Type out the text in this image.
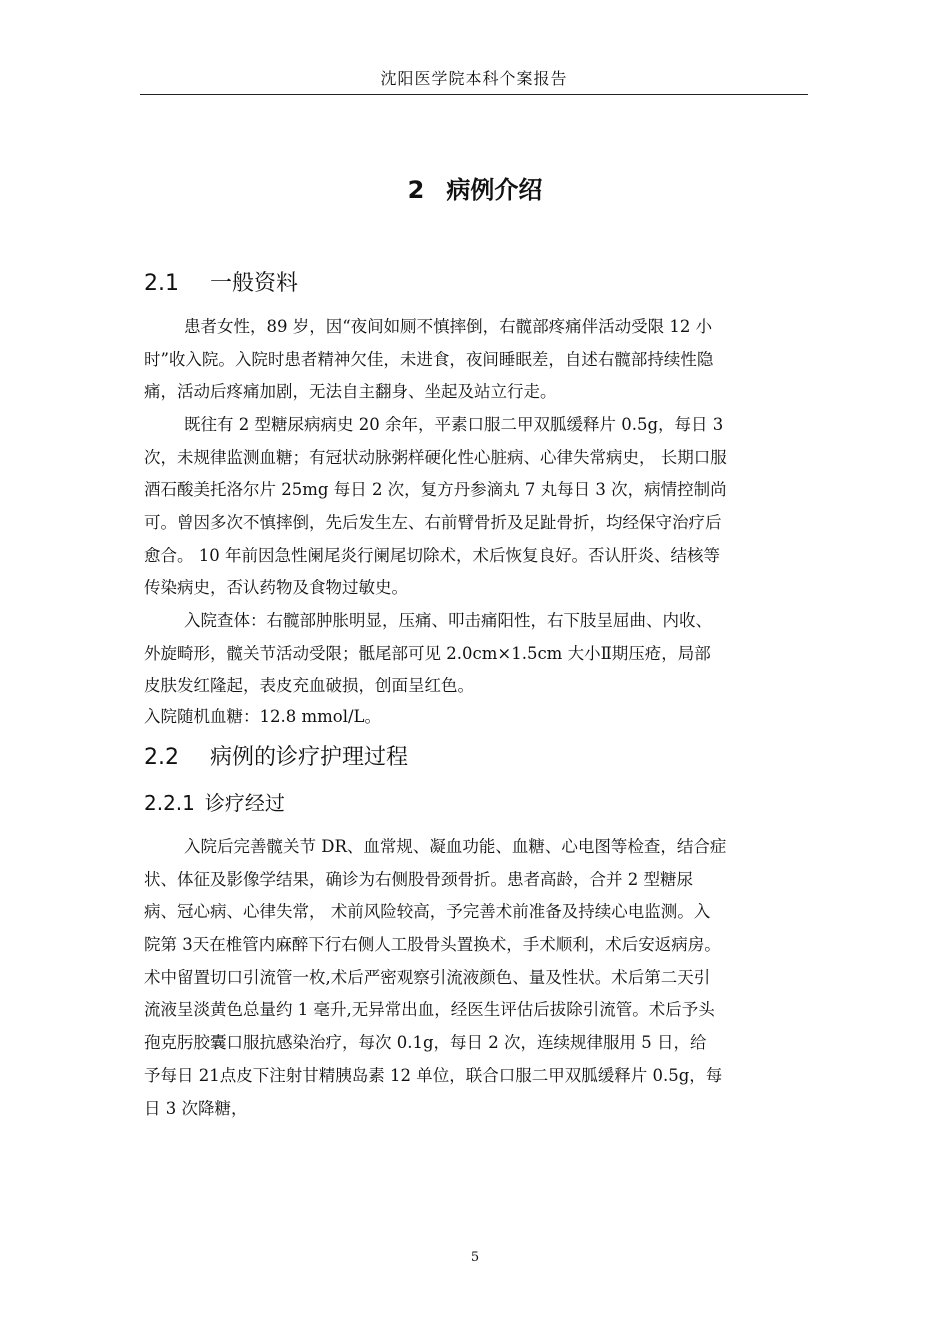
沈阳医学院本科个案报告
2 病例介绍
2.1 一般资料
患者女性，89 岁，因“夜间如厕不慎摔倒，右髋部疼痛伴活动受限 12 小
时”收入院。入院时患者精神欠佳，未进食，夜间睡眠差，自述右髋部持续性隐
痛，活动后疼痛加剧，无法自主翻身、坐起及站立行走。
既往有 2 型糖尿病病史 20 余年，平素口服二甲双胍缓释片 0.5g，每日 3
次，未规律监测血糖；有冠状动脉粥样硬化性心脏病、心律失常病史， 长期口服
酒石酸美托洛尔片 25mg 每日 2 次，复方丹参滴丸 7 丸每日 3 次，病情控制尚
可。曾因多次不慎摔倒，先后发生左、右前臂骨折及足趾骨折，均经保守治疗后
愈合。 10 年前因急性阑尾炎行阑尾切除术，术后恢复良好。否认肝炎、结核等
传染病史，否认药物及食物过敏史。
入院查体：右髋部肿胀明显，压痛、叩击痛阳性，右下肢呈屈曲、内收、
外旋畸形，髋关节活动受限；骶尾部可见 2.0cm×1.5cm 大小Ⅱ期压疮，局部
皮肤发红隆起，表皮充血破损，创面呈红色。
入院随机血糖：12.8 mmol/L。
2.2 病例的诊疗护理过程
2.2.1 诊疗经过
入院后完善髋关节 DR、血常规、凝血功能、血糖、心电图等检查，结合症
状、体征及影像学结果，确诊为右侧股骨颈骨折。患者高龄，合并 2 型糖尿
病、冠心病、心律失常， 术前风险较高，予完善术前准备及持续心电监测。入
院第 3天在椎管内麻醉下行右侧人工股骨头置换术，手术顺利，术后安返病房。
术中留置切口引流管一枚,术后严密观察引流液颜色、量及性状。术后第二天引
流液呈淡黄色总量约 1 毫升,无异常出血，经医生评估后拔除引流管。术后予头
孢克肟胶囊口服抗感染治疗，每次 0.1g，每日 2 次，连续规律服用 5 日，给
予每日 21点皮下注射甘精胰岛素 12 单位，联合口服二甲双胍缓释片 0.5g，每
日 3 次降糖，
5
